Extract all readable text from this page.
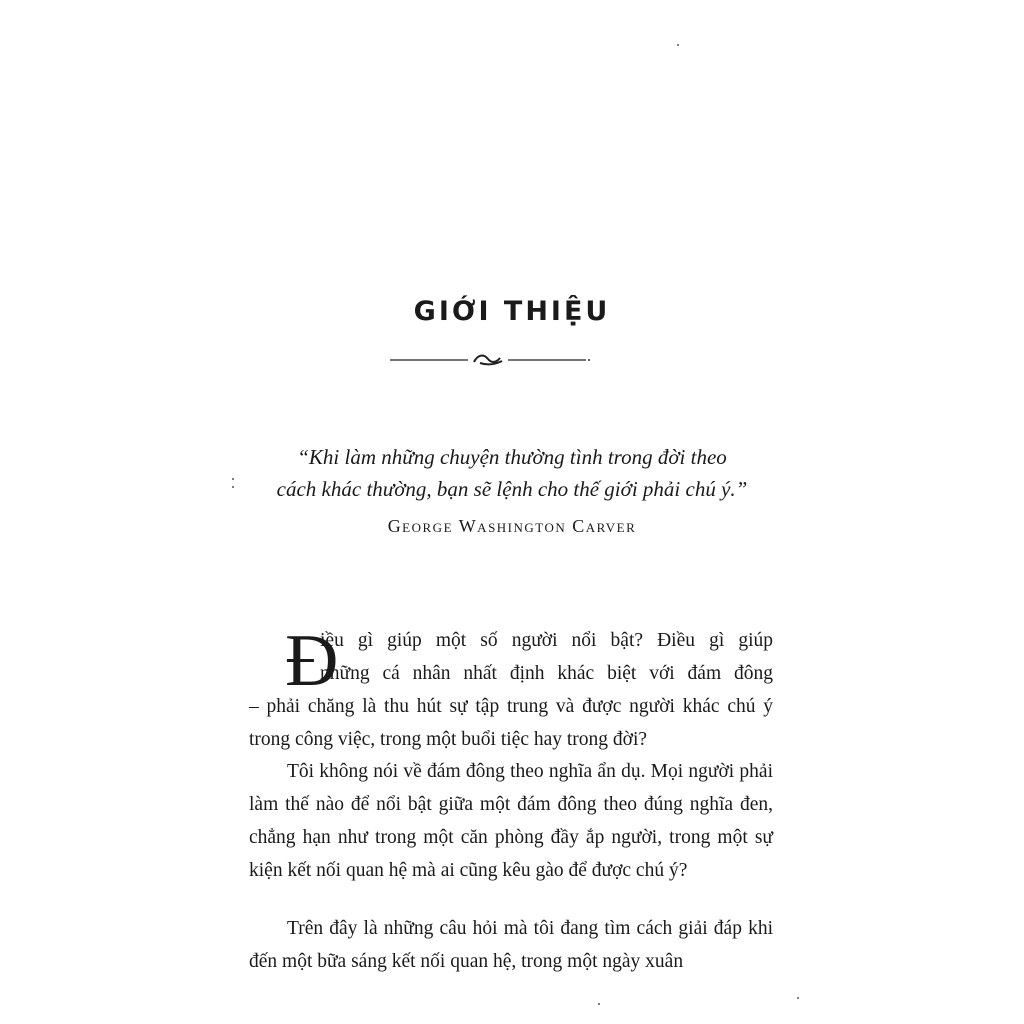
GIỚI THIỆU
“Khi làm những chuyện thường tình trong đời theo
cách khác thường, bạn sẽ lệnh cho thế giới phải chú ý.”
George Washington Carver
Đ
iều gì giúp một số người nổi bật? Điều gì giúp
những cá nhân nhất định khác biệt với đám đông
– phải chăng là thu hút sự tập trung và được người khác chú ý
trong công việc, trong một buổi tiệc hay trong đời?

Tôi không nói về đám đông theo nghĩa ẩn dụ. Mọi người phải làm thế nào để nổi bật giữa một đám đông theo đúng nghĩa đen, chẳng hạn như trong một căn phòng đầy ắp người, trong một sự kiện kết nối quan hệ mà ai cũng kêu gào để được chú ý?

Trên đây là những câu hỏi mà tôi đang tìm cách giải đáp khi đến một bữa sáng kết nối quan hệ, trong một ngày xuân
